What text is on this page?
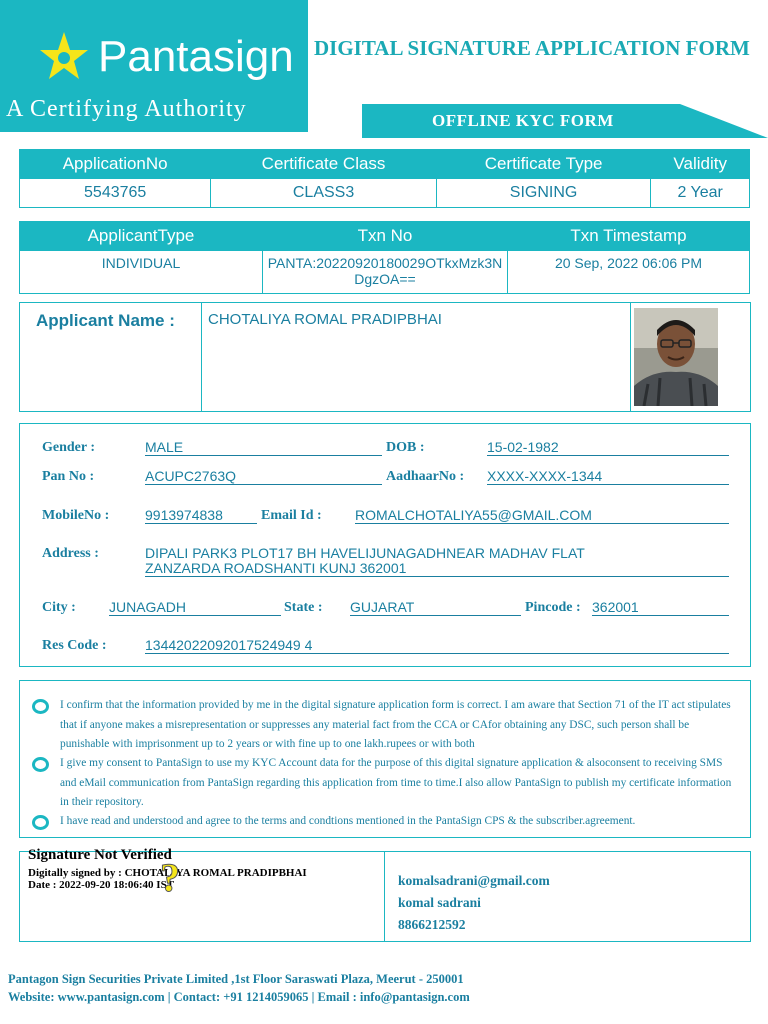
Pantasign
A Certifying Authority
DIGITAL SIGNATURE APPLICATION FORM
OFFLINE KYC FORM
ApplicationNo	Certificate Class	Certificate Type	Validity
5543765	CLASS3	SIGNING	2 Year
ApplicantType	Txn No	Txn Timestamp
INDIVIDUAL	PANTA:20220920180029OTkxMzk3NDgzOA==	20 Sep, 2022 06:06 PM
Applicant Name : CHOTALIYA ROMAL PRADIPBHAI
Gender :	MALE	DOB :	15-02-1982
Pan No :	ACUPC2763Q	AadhaarNo : XXXX-XXXX-1344
MobileNo :	9913974838	Email Id : ROMALCHOTALIYA55@GMAIL.COM
Address :	DIPALI PARK3 PLOT17 BH HAVELIJUNAGADHNEAR MADHAV FLAT
ZANZARDA ROADSHANTI KUNJ 362001
City : JUNAGADH	State : GUJARAT	Pincode : 362001
Res Code :	13442022092017524949 4
I confirm that the information provided by me in the digital signature application form is correct. I am aware that Section 71 of the IT act stipulates that if anyone makes a misrepresentation or suppresses any material fact from the CCA or CAfor obtaining any DSC, such person shall be punishable with imprisonment up to 2 years or with fine up to one lakh.rupees or with both
I give my consent to PantaSign to use my KYC Account data for the purpose of this digital signature application & alsoconsent to receiving SMS and eMail communication from PantaSign regarding this application from time to time.I also allow PantaSign to publish my certificate information in their repository.
I have read and understood and agree to the terms and condtions mentioned in the PantaSign CPS & the subscriber.agreement.
Signature Not Verified
Digitally signed by : CHOTALIYA ROMAL PRADIPBHAI
Date : 2022-09-20 18:06:40 IST
?	komalsadrani@gmail.com
komal sadrani
8866212592
Pantagon Sign Securities Private Limited ,1st Floor Saraswati Plaza, Meerut - 250001
Website: www.pantasign.com | Contact: +91 1214059065 | Email : info@pantasign.com
